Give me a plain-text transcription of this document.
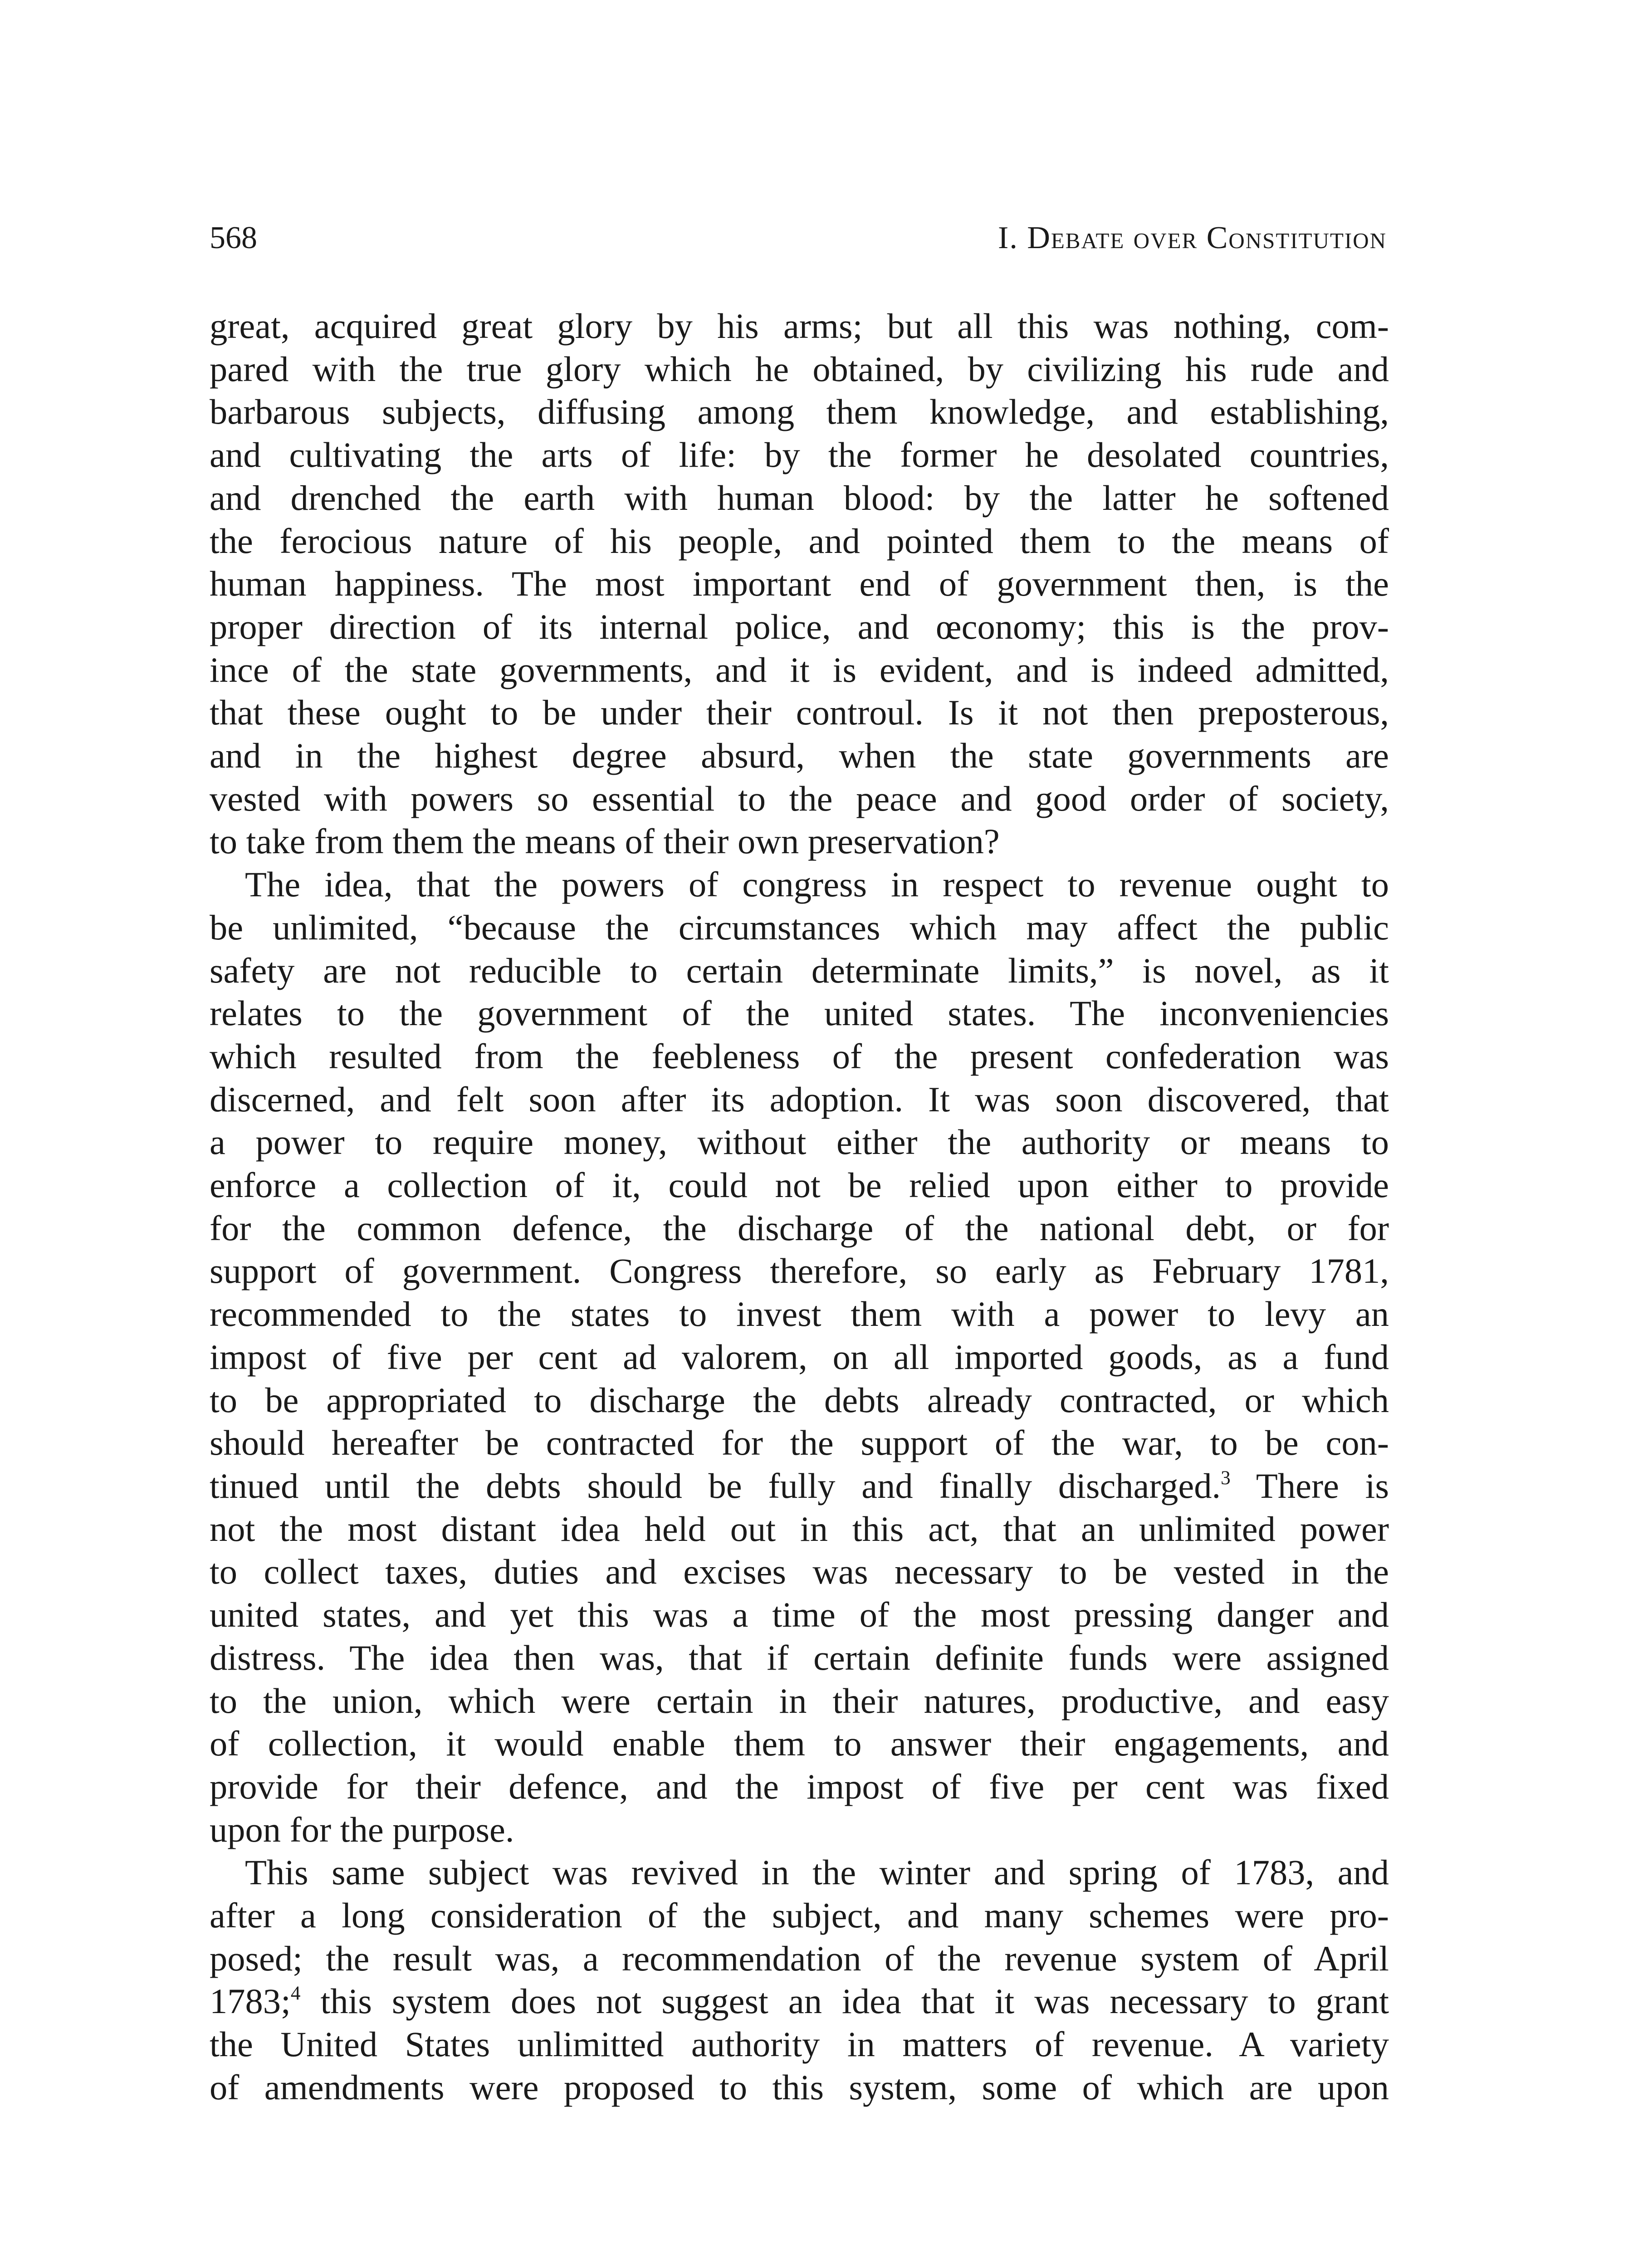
568	I. Debate over Constitution

great, acquired great glory by his arms; but all this was nothing, com-

pared with the true glory which he obtained, by civilizing his rude and

barbarous subjects, diffusing among them knowledge, and establishing,

and cultivating the arts of life: by the former he desolated countries,

and drenched the earth with human blood: by the latter he softened

the ferocious nature of his people, and pointed them to the means of

human happiness. The most important end of government then, is the

proper direction of its internal police, and œconomy; this is the prov-

ince of the state governments, and it is evident, and is indeed admitted,

that these ought to be under their controul. Is it not then preposterous,

and in the highest degree absurd, when the state governments are

vested with powers so essential to the peace and good order of society,

to take from them the means of their own preservation?

The idea, that the powers of congress in respect to revenue ought to

be unlimited, “because the circumstances which may affect the public

safety are not reducible to certain determinate limits,” is novel, as it

relates to the government of the united states. The inconveniencies

which resulted from the feebleness of the present confederation was

discerned, and felt soon after its adoption. It was soon discovered, that

a power to require money, without either the authority or means to

enforce a collection of it, could not be relied upon either to provide

for the common defence, the discharge of the national debt, or for

support of government. Congress therefore, so early as February 1781,

recommended to the states to invest them with a power to levy an

impost of five per cent ad valorem, on all imported goods, as a fund

to be appropriated to discharge the debts already contracted, or which

should hereafter be contracted for the support of the war, to be con-

tinued until the debts should be fully and finally discharged.$^3$ There is

not the most distant idea held out in this act, that an unlimited power

to collect taxes, duties and excises was necessary to be vested in the

united states, and yet this was a time of the most pressing danger and

distress. The idea then was, that if certain definite funds were assigned

to the union, which were certain in their natures, productive, and easy

of collection, it would enable them to answer their engagements, and

provide for their defence, and the impost of five per cent was fixed

upon for the purpose.

This same subject was revived in the winter and spring of 1783, and

after a long consideration of the subject, and many schemes were pro-

posed; the result was, a recommendation of the revenue system of April

1783;$^4$ this system does not suggest an idea that it was necessary to grant

the United States unlimitted authority in matters of revenue. A variety

of amendments were proposed to this system, some of which are upon
